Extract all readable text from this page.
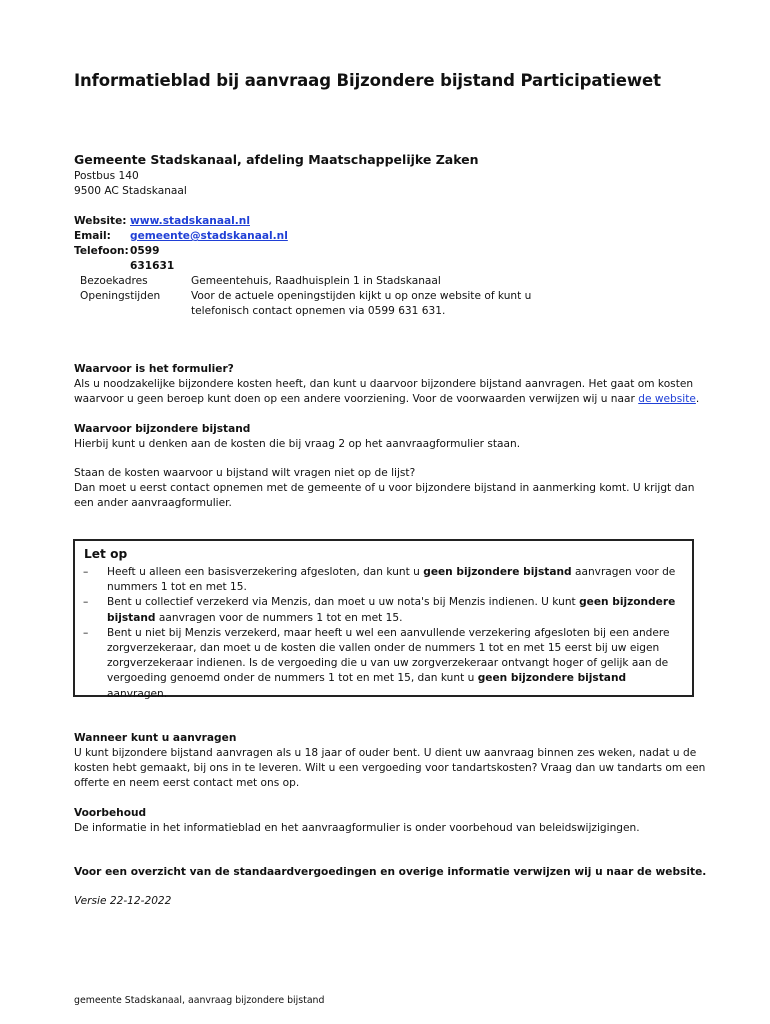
Informatieblad bij aanvraag Bijzondere bijstand Participatiewet
Gemeente Stadskanaal, afdeling Maatschappelijke Zaken
Postbus 140
9500 AC Stadskanaal
Website: www.stadskanaal.nl
Email: gemeente@stadskanaal.nl
Telefoon: 0599 631631
Bezoekadres	Gemeentehuis, Raadhuisplein 1 in Stadskanaal
Openingstijden	Voor de actuele openingstijden kijkt u op onze website of kunt u
telefonisch contact opnemen via 0599 631 631.
Waarvoor is het formulier?
Als u noodzakelijke bijzondere kosten heeft, dan kunt u daarvoor bijzondere bijstand aanvragen. Het gaat om kosten
waarvoor u geen beroep kunt doen op een andere voorziening. Voor de voorwaarden verwijzen wij u naar de website.
Waarvoor bijzondere bijstand
Hierbij kunt u denken aan de kosten die bij vraag 2 op het aanvraagformulier staan.
Staan de kosten waarvoor u bijstand wilt vragen niet op de lijst?
Dan moet u eerst contact opnemen met de gemeente of u voor bijzondere bijstand in aanmerking komt. U krijgt dan
een ander aanvraagformulier.
Let op
– Heeft u alleen een basisverzekering afgesloten, dan kunt u geen bijzondere bijstand aanvragen voor de nummers 1 tot en met 15.
– Bent u collectief verzekerd via Menzis, dan moet u uw nota's bij Menzis indienen. U kunt geen bijzondere bijstand aanvragen voor de nummers 1 tot en met 15.
– Bent u niet bij Menzis verzekerd, maar heeft u wel een aanvullende verzekering afgesloten bij een andere zorgverzekeraar, dan moet u de kosten die vallen onder de nummers 1 tot en met 15 eerst bij uw eigen zorgverzekeraar indienen. Is de vergoeding die u van uw zorgverzekeraar ontvangt hoger of gelijk aan de vergoeding genoemd onder de nummers 1 tot en met 15, dan kunt u geen bijzondere bijstand aanvragen.
Wanneer kunt u aanvragen
U kunt bijzondere bijstand aanvragen als u 18 jaar of ouder bent. U dient uw aanvraag binnen zes weken, nadat u de
kosten hebt gemaakt, bij ons in te leveren. Wilt u een vergoeding voor tandartskosten? Vraag dan uw tandarts om een
offerte en neem eerst contact met ons op.
Voorbehoud
De informatie in het informatieblad en het aanvraagformulier is onder voorbehoud van beleidswijzigingen.
Voor een overzicht van de standaardvergoedingen en overige informatie verwijzen wij u naar de website.
Versie 22-12-2022
gemeente Stadskanaal, aanvraag bijzondere bijstand
